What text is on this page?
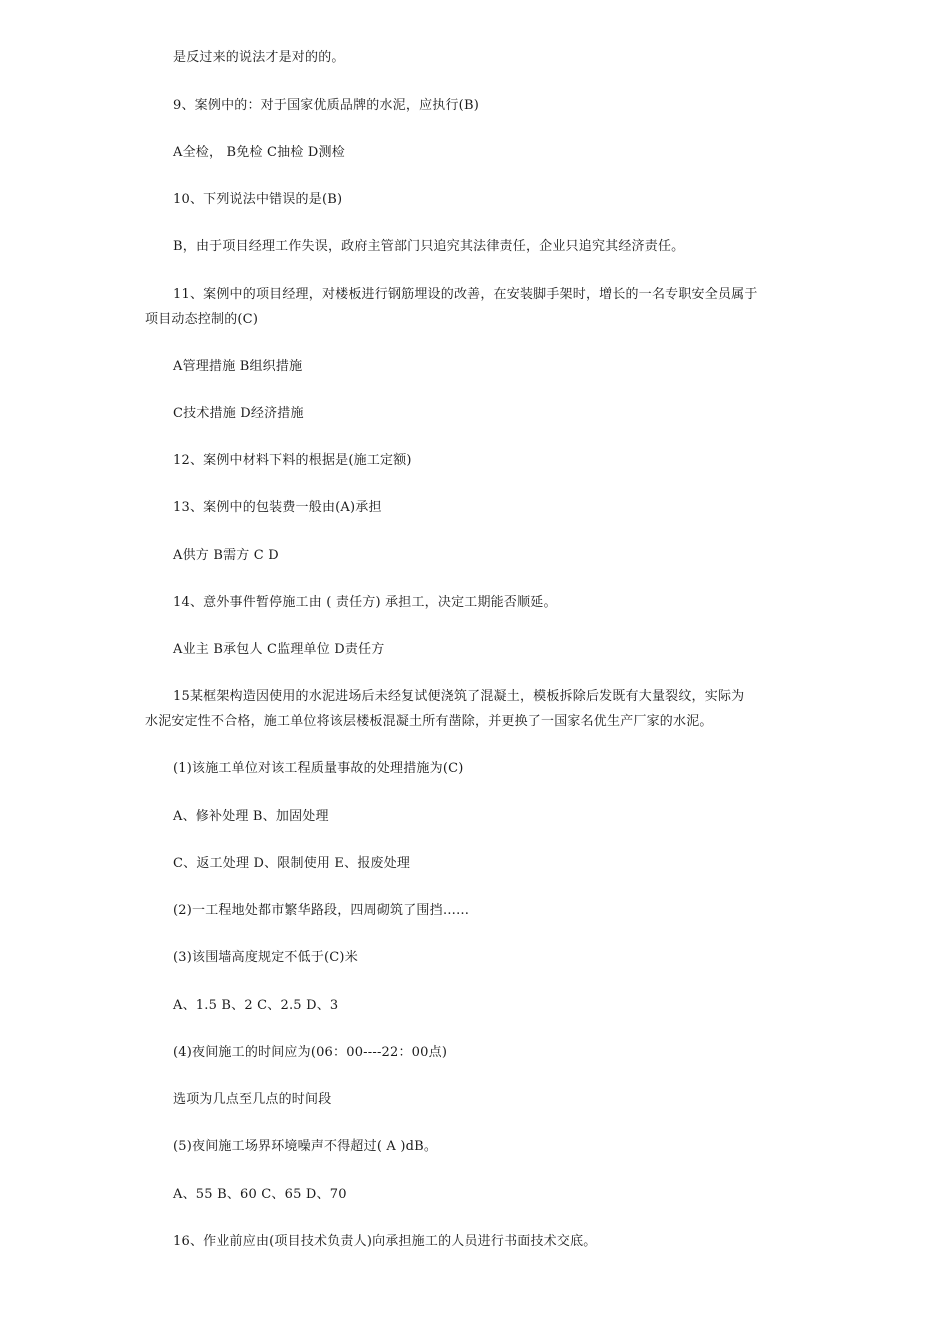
是反过来的说法才是对的的。
9、案例中的：对于国家优质品牌的水泥，应执行(B)
A全检， B免检 C抽检 D测检
10、下列说法中错误的是(B)
B，由于项目经理工作失误，政府主管部门只追究其法律责任，企业只追究其经济责任。
11、案例中的项目经理，对楼板进行钢筋埋设的改善，在安装脚手架时，增长的一名专职安全员属于
项目动态控制的(C)
A管理措施 B组织措施
C技术措施 D经济措施
12、案例中材料下料的根据是(施工定额)
13、案例中的包装费一般由(A)承担
A供方 B需方 C D
14、意外事件暂停施工由 ( 责任方) 承担工，决定工期能否顺延。
A业主 B承包人 C监理单位 D责任方
15某框架构造因使用的水泥进场后未经复试便浇筑了混凝土，模板拆除后发既有大量裂纹，实际为
水泥安定性不合格，施工单位将该层楼板混凝土所有凿除，并更换了一国家名优生产厂家的水泥。
(1)该施工单位对该工程质量事故的处理措施为(C)
A、修补处理 B、加固处理
C、返工处理 D、限制使用 E、报废处理
(2)一工程地处都市繁华路段，四周砌筑了围挡……
(3)该围墙高度规定不低于(C)米
A、1.5 B、2 C、2.5 D、3
(4)夜间施工的时间应为(06：00----22：00点)
选项为几点至几点的时间段
(5)夜间施工场界环境噪声不得超过( A )dB。
A、55 B、60 C、65 D、70
16、作业前应由(项目技术负责人)向承担施工的人员进行书面技术交底。
